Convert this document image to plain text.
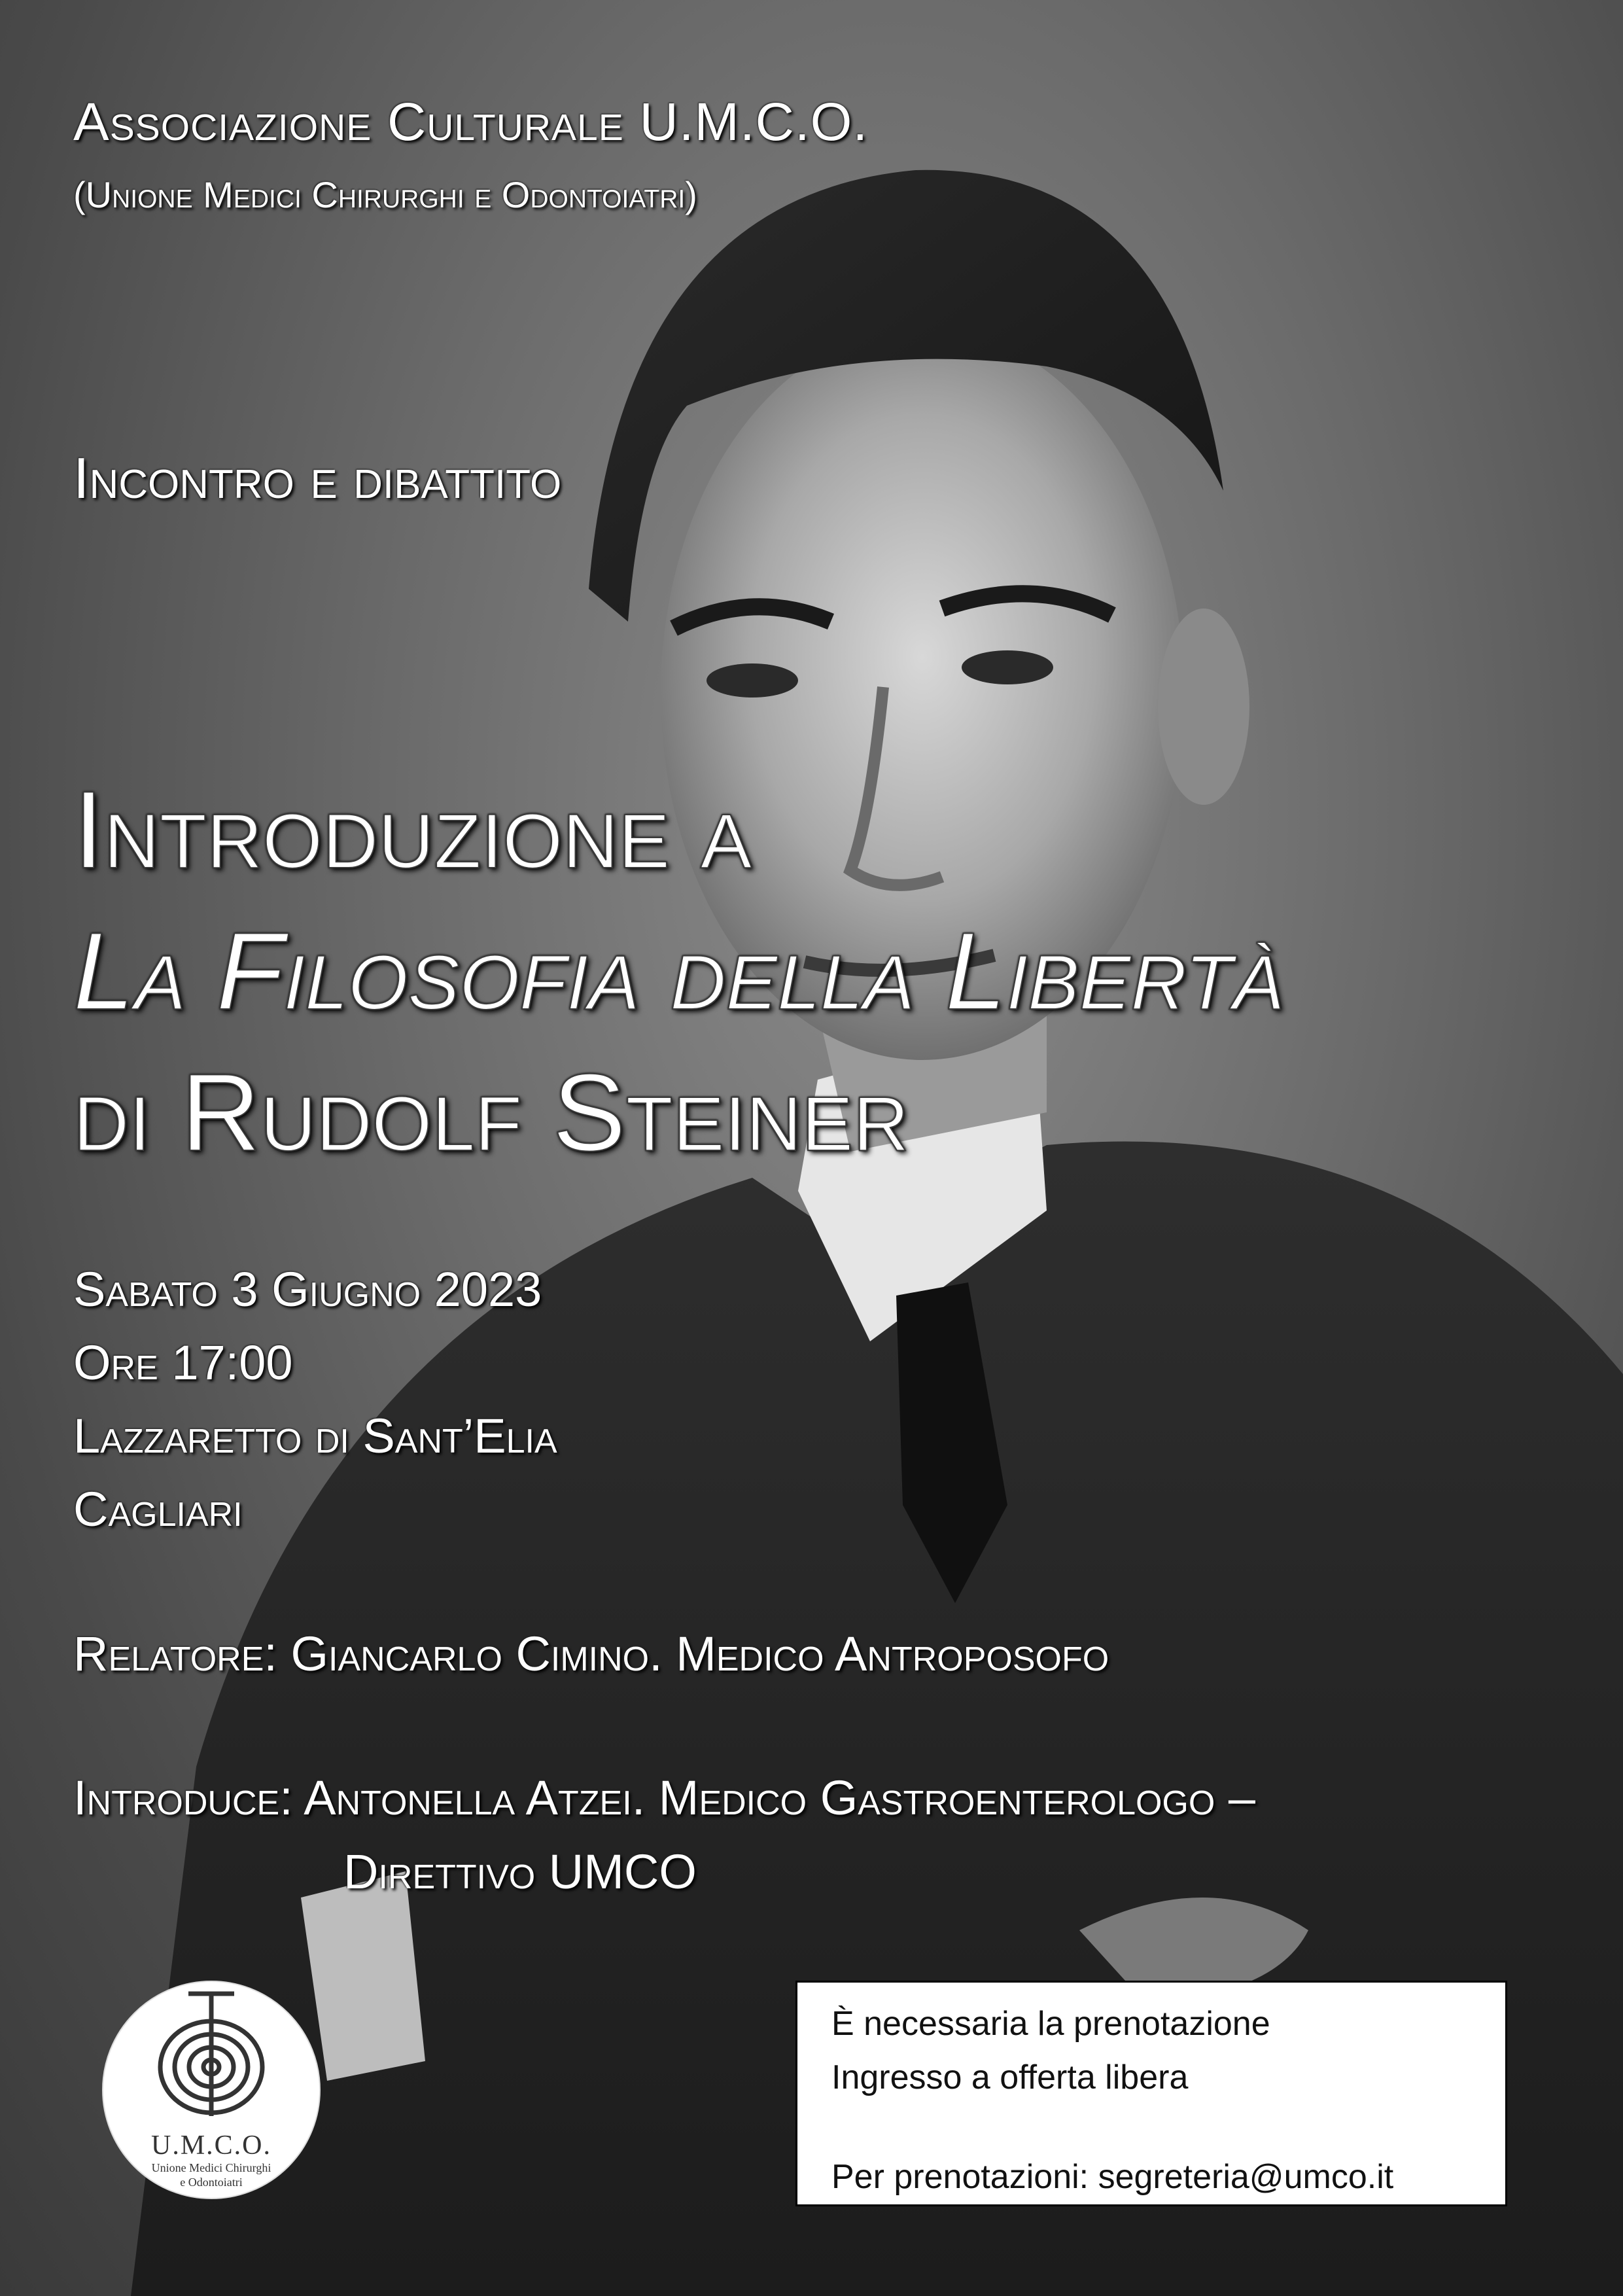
Associazione Culturale U.M.C.O.
(Unione Medici Chirurghi e Odontoiatri)
Incontro e dibattito
Introduzione a
La Filosofia della Libertà
di Rudolf Steiner
Sabato 3 Giugno 2023
Ore 17:00
Lazzaretto di Sant’Elia
Cagliari
Relatore: Giancarlo Cimino. Medico Antroposofo
Introduce: Antonella Atzei. Medico Gastroenterologo –
Direttivo UMCO
U.M.C.O.
Unione Medici Chirurghi
e Odontoiatri
È necessaria la prenotazione
Ingresso a offerta libera
Per prenotazioni: segreteria@umco.it
